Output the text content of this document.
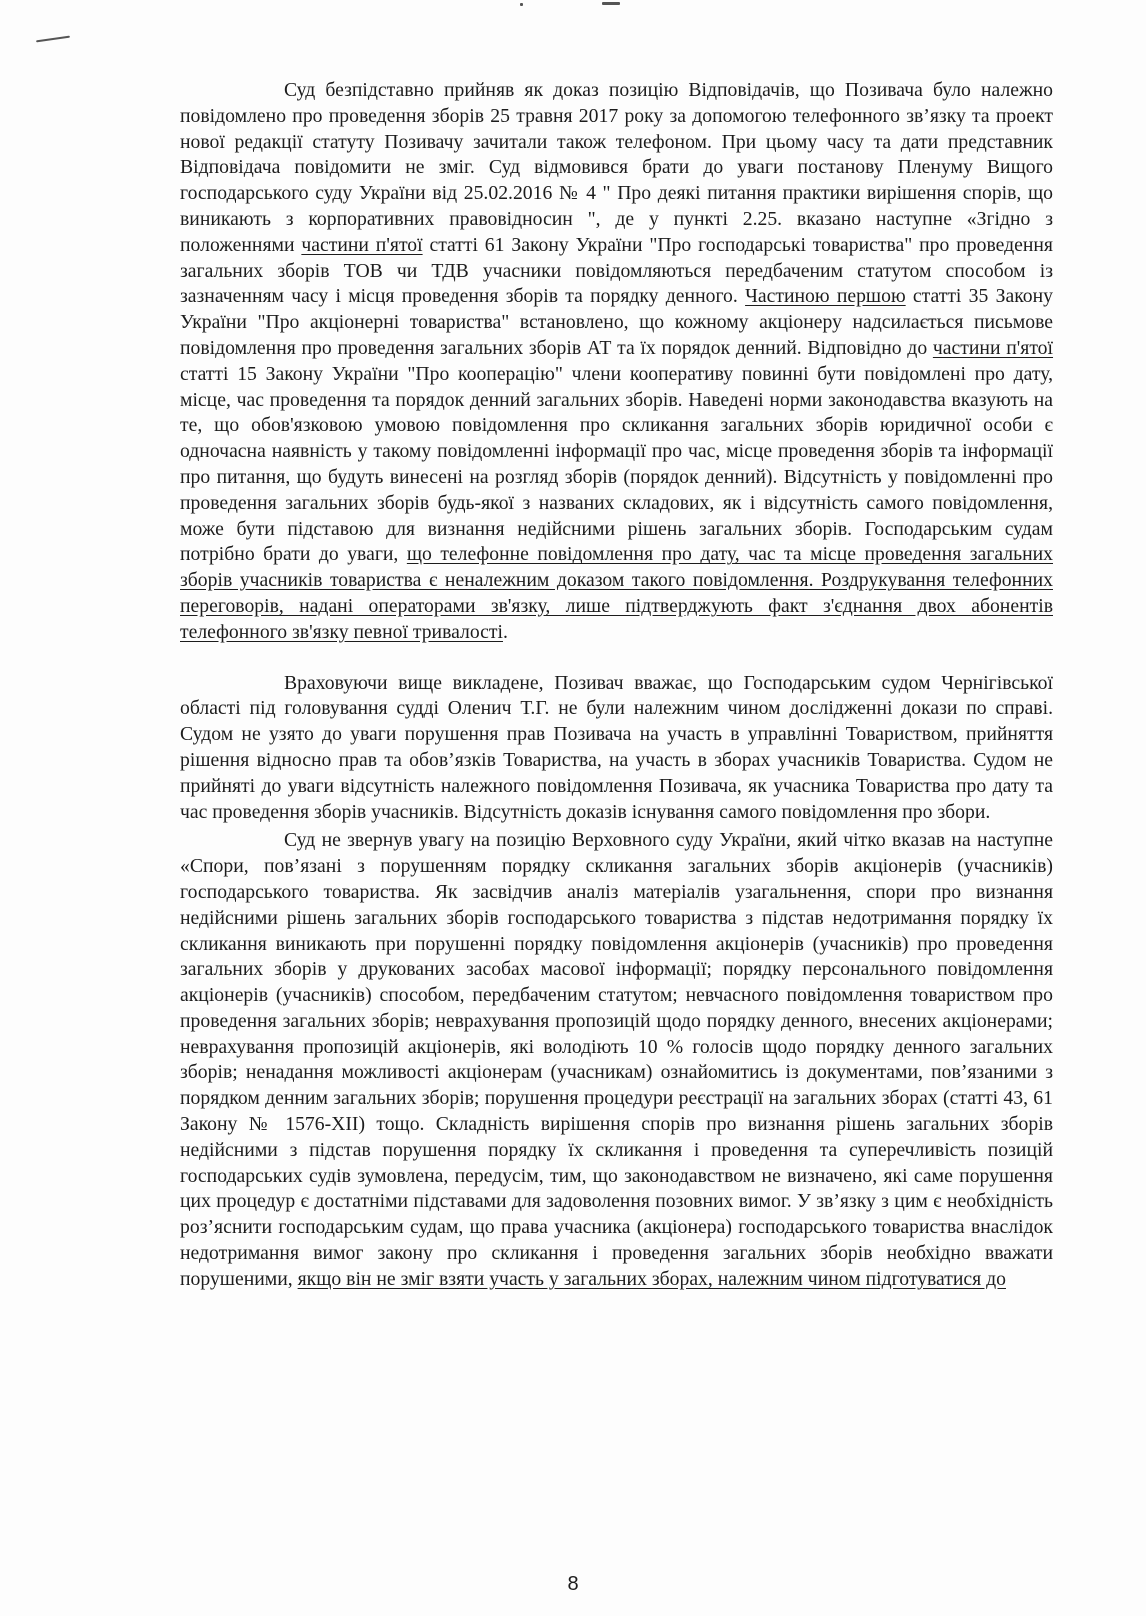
Суд безпідставно прийняв як доказ позицію Відповідачів, що Позивача було належно повідомлено про проведення зборів 25 травня 2017 року за допомогою телефонного зв’язку та проект нової редакції статуту Позивачу зачитали також телефоном. При цьому часу та дати представник Відповідача повідомити не зміг. Суд відмовився брати до уваги постанову Пленуму Вищого господарського суду України від 25.02.2016 № 4 " Про деякі питання практики вирішення спорів, що виникають з корпоративних правовідносин ", де у пункті 2.25. вказано наступне «Згідно з положеннями частини п'ятої статті 61 Закону України "Про господарські товариства" про проведення загальних зборів ТОВ чи ТДВ учасники повідомляються передбаченим статутом способом із зазначенням часу і місця проведення зборів та порядку денного. Частиною першою статті 35 Закону України "Про акціонерні товариства" встановлено, що кожному акціонеру надсилається письмове повідомлення про проведення загальних зборів АТ та їх порядок денний. Відповідно до частини п'ятої статті 15 Закону України "Про кооперацію" члени кооперативу повинні бути повідомлені про дату, місце, час проведення та порядок денний загальних зборів. Наведені норми законодавства вказують на те, що обов'язковою умовою повідомлення про скликання загальних зборів юридичної особи є одночасна наявність у такому повідомленні інформації про час, місце проведення зборів та інформації про питання, що будуть винесені на розгляд зборів (порядок денний). Відсутність у повідомленні про проведення загальних зборів будь-якої з названих складових, як і відсутність самого повідомлення, може бути підставою для визнання недійсними рішень загальних зборів. Господарським судам потрібно брати до уваги, що телефонне повідомлення про дату, час та місце проведення загальних зборів учасників товариства є неналежним доказом такого повідомлення. Роздрукування телефонних переговорів, надані операторами зв'язку, лише підтверджують факт з'єднання двох абонентів телефонного зв'язку певної тривалості.

Враховуючи вище викладене, Позивач вважає, що Господарським судом Чернігівської області під головування судді Оленич Т.Г. не були належним чином дослідженні докази по справі. Судом не узято до уваги порушення прав Позивача на участь в управлінні Товариством, прийняття рішення відносно прав та обов’язків Товариства, на участь в зборах учасників Товариства. Судом не прийняті до уваги відсутність належного повідомлення Позивача, як учасника Товариства про дату та час проведення зборів учасників. Відсутність доказів існування самого повідомлення про збори.

Суд не звернув увагу на позицію Верховного суду України, який чітко вказав на наступне «Спори, пов’язані з порушенням порядку скликання загальних зборів акціонерів (учасників) господарського товариства. Як засвідчив аналіз матеріалів узагальнення, спори про визнання недійсними рішень загальних зборів господарського товариства з підстав недотримання порядку їх скликання виникають при порушенні порядку повідомлення акціонерів (учасників) про проведення загальних зборів у друкованих засобах масової інформації; порядку персонального повідомлення акціонерів (учасників) способом, передбаченим статутом; невчасного повідомлення товариством про проведення загальних зборів; неврахування пропозицій щодо порядку денного, внесених акціонерами; неврахування пропозицій акціонерів, які володіють 10 % голосів щодо порядку денного загальних зборів; ненадання можливості акціонерам (учасникам) ознайомитись із документами, пов’язаними з порядком денним загальних зборів; порушення процедури реєстрації на загальних зборах (статті 43, 61 Закону № 1576-ХІІ) тощо. Складність вирішення спорів про визнання рішень загальних зборів недійсними з підстав порушення порядку їх скликання і проведення та суперечливість позицій господарських судів зумовлена, передусім, тим, що законодавством не визначено, які саме порушення цих процедур є достатніми підставами для задоволення позовних вимог. У зв’язку з цим є необхідність роз’яснити господарським судам, що права учасника (акціонера) господарського товариства внаслідок недотримання вимог закону про скликання і проведення загальних зборів необхідно вважати порушеними, якщо він не зміг взяти участь у загальних зборах, належним чином підготуватися до

8
